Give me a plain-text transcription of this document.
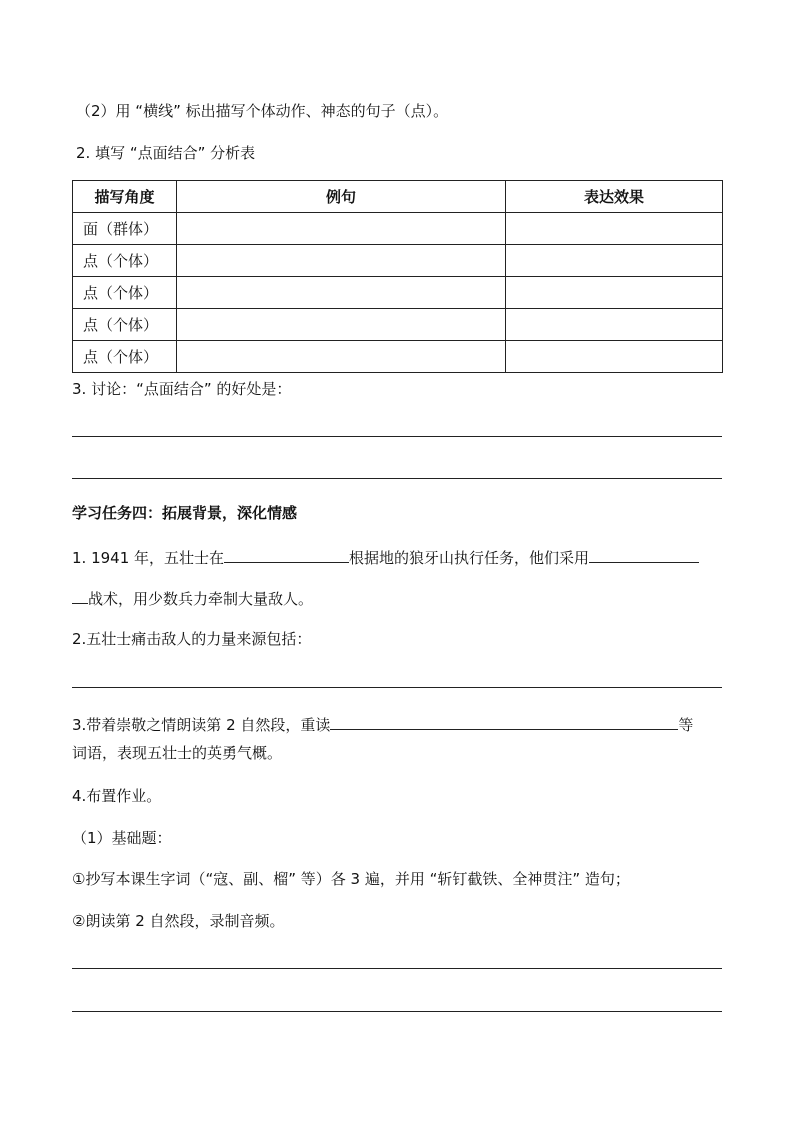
（2）用 “横线” 标出描写个体动作、神态的句子（点）。
2. 填写 “点面结合” 分析表
描写角度	例句	表达效果
面（群体）		
点（个体）		
点（个体）		
点（个体）		
点（个体）		
3. 讨论：“点面结合” 的好处是：
学习任务四：拓展背景，深化情感
1. 1941 年，五壮士在	根据地的狼牙山执行任务，他们采用
战术，用少数兵力牵制大量敌人。
2.五壮士痛击敌人的力量来源包括：
3.带着崇敬之情朗读第 2 自然段，重读	等
词语，表现五壮士的英勇气概。
4.布置作业。
（1）基础题：
①抄写本课生字词（“寇、副、榴” 等）各 3 遍，并用 “斩钉截铁、全神贯注” 造句；
②朗读第 2 自然段，录制音频。
